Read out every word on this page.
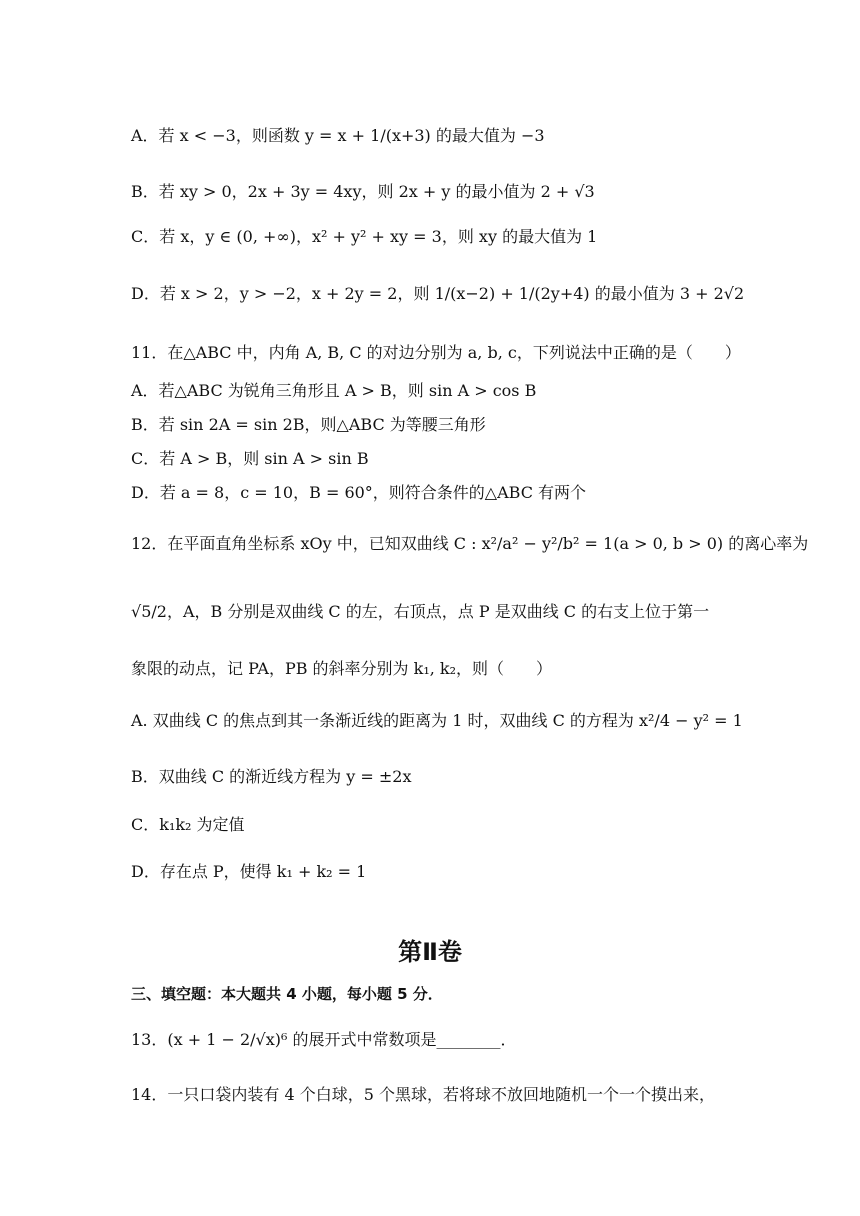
A．若 x < −3，则函数 y = x + 1/(x+3) 的最大值为 −3
B．若 xy > 0，2x + 3y = 4xy，则 2x + y 的最小值为 2 + √3
C．若 x，y ∈ (0, +∞)，x² + y² + xy = 3，则 xy 的最大值为 1
D．若 x > 2，y > −2，x + 2y = 2，则 1/(x−2) + 1/(2y+4) 的最小值为 3 + 2√2
11．在△ABC 中，内角 A, B, C 的对边分别为 a, b, c，下列说法中正确的是（　　）
A．若△ABC 为锐角三角形且 A > B，则 sin A > cos B
B．若 sin 2A = sin 2B，则△ABC 为等腰三角形
C．若 A > B，则 sin A > sin B
D．若 a = 8，c = 10，B = 60°，则符合条件的△ABC 有两个
12．在平面直角坐标系 xOy 中，已知双曲线 C : x²/a² − y²/b² = 1(a > 0, b > 0) 的离心率为
√5/2，A，B 分别是双曲线 C 的左，右顶点，点 P 是双曲线 C 的右支上位于第一
象限的动点，记 PA，PB 的斜率分别为 k₁, k₂，则（　　）
A. 双曲线 C 的焦点到其一条渐近线的距离为 1 时，双曲线 C 的方程为 x²/4 − y² = 1
B．双曲线 C 的渐近线方程为 y = ±2x
C．k₁k₂ 为定值
D．存在点 P，使得 k₁ + k₂ = 1
第Ⅱ卷
三、填空题：本大题共 4 小题，每小题 5 分．
13．(x + 1 − 2/√x)⁶ 的展开式中常数项是________．
14．一只口袋内装有 4 个白球，5 个黑球，若将球不放回地随机一个一个摸出来，
